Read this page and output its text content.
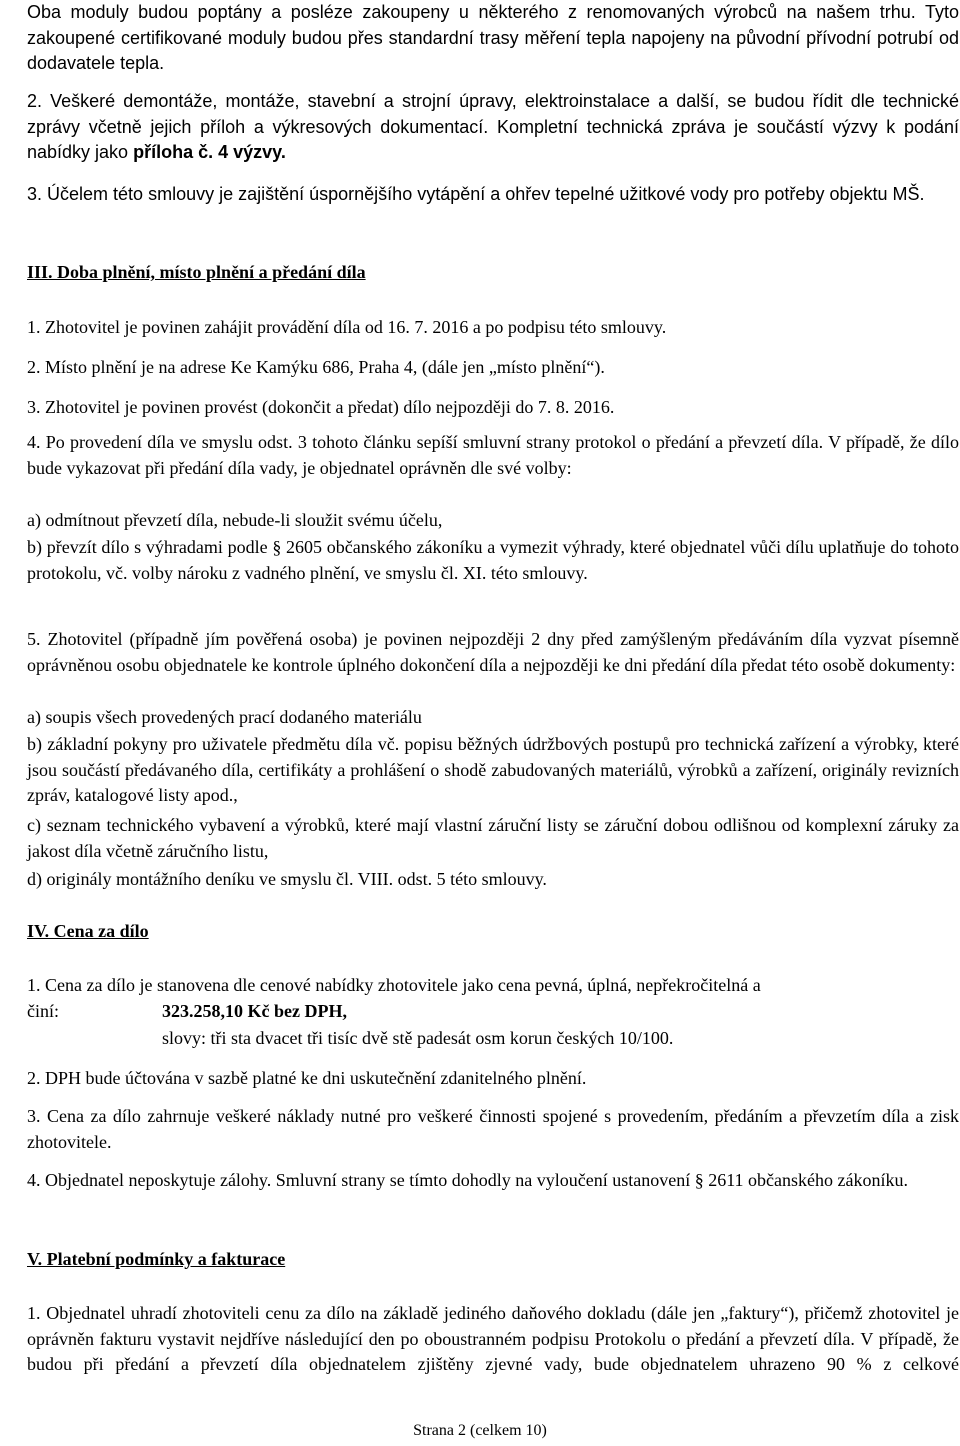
Oba moduly budou poptány a posléze zakoupeny u některého z renomovaných výrobců na našem trhu. Tyto zakoupené certifikované moduly budou přes standardní trasy měření tepla napojeny na původní přívodní potrubí od dodavatele tepla.

2. Veškeré demontáže, montáže, stavební a strojní úpravy, elektroinstalace a další, se budou řídit dle technické zprávy včetně jejich příloh a výkresových dokumentací. Kompletní technická zpráva je součástí výzvy k podání nabídky jako příloha č. 4 výzvy.

3. Účelem této smlouvy je zajištění úspornějšího vytápění a ohřev tepelné užitkové vody pro potřeby objektu MŠ.

III. Doba plnění, místo plnění a předání díla

1. Zhotovitel je povinen zahájit provádění díla od 16. 7. 2016 a po podpisu této smlouvy.

2. Místo plnění je na adrese Ke Kamýku 686, Praha 4, (dále jen „místo plnění“).

3. Zhotovitel je povinen provést (dokončit a předat) dílo nejpozději do 7. 8. 2016.

4. Po provedení díla ve smyslu odst. 3 tohoto článku sepíší smluvní strany protokol o předání a převzetí díla. V případě, že dílo bude vykazovat při předání díla vady, je objednatel oprávněn dle své volby:

a) odmítnout převzetí díla, nebude-li sloužit svému účelu,

b) převzít dílo s výhradami podle § 2605 občanského zákoníku a vymezit výhrady, které objednatel vůči dílu uplatňuje do tohoto protokolu, vč. volby nároku z vadného plnění, ve smyslu čl. XI. této smlouvy.

5. Zhotovitel (případně jím pověřená osoba) je povinen nejpozději 2 dny před zamýšleným předáváním díla vyzvat písemně oprávněnou osobu objednatele ke kontrole úplného dokončení díla a nejpozději ke dni předání díla předat této osobě dokumenty:

a) soupis všech provedených prací dodaného materiálu

b) základní pokyny pro uživatele předmětu díla vč. popisu běžných údržbových postupů pro technická zařízení a výrobky, které jsou součástí předávaného díla, certifikáty a prohlášení o shodě zabudovaných materiálů, výrobků a zařízení, originály revizních zpráv, katalogové listy apod.,

c) seznam technického vybavení a výrobků, které mají vlastní záruční listy se záruční dobou odlišnou od komplexní záruky za jakost díla včetně záručního listu,

d) originály montážního deníku ve smyslu čl. VIII. odst. 5 této smlouvy.

IV. Cena za dílo

1. Cena za dílo je stanovena dle cenové nabídky zhotovitele jako cena pevná, úplná, nepřekročitelná a

činí:	323.258,10 Kč bez DPH,
slovy: tři sta dvacet tři tisíc dvě stě padesát osm korun českých 10/100.

2. DPH bude účtována v sazbě platné ke dni uskutečnění zdanitelného plnění.

3. Cena za dílo zahrnuje veškeré náklady nutné pro veškeré činnosti spojené s provedením, předáním a převzetím díla a zisk zhotovitele.

4. Objednatel neposkytuje zálohy. Smluvní strany se tímto dohodly na vyloučení ustanovení § 2611 občanského zákoníku.

V. Platební podmínky a fakturace

1. Objednatel uhradí zhotoviteli cenu za dílo na základě jediného daňového dokladu (dále jen „faktury“), přičemž zhotovitel je oprávněn fakturu vystavit nejdříve následující den po oboustranném podpisu Protokolu o předání a převzetí díla. V případě, že budou při předání a převzetí díla objednatelem zjištěny zjevné vady, bude objednatelem uhrazeno 90 % z celkové

Strana 2 (celkem 10)
